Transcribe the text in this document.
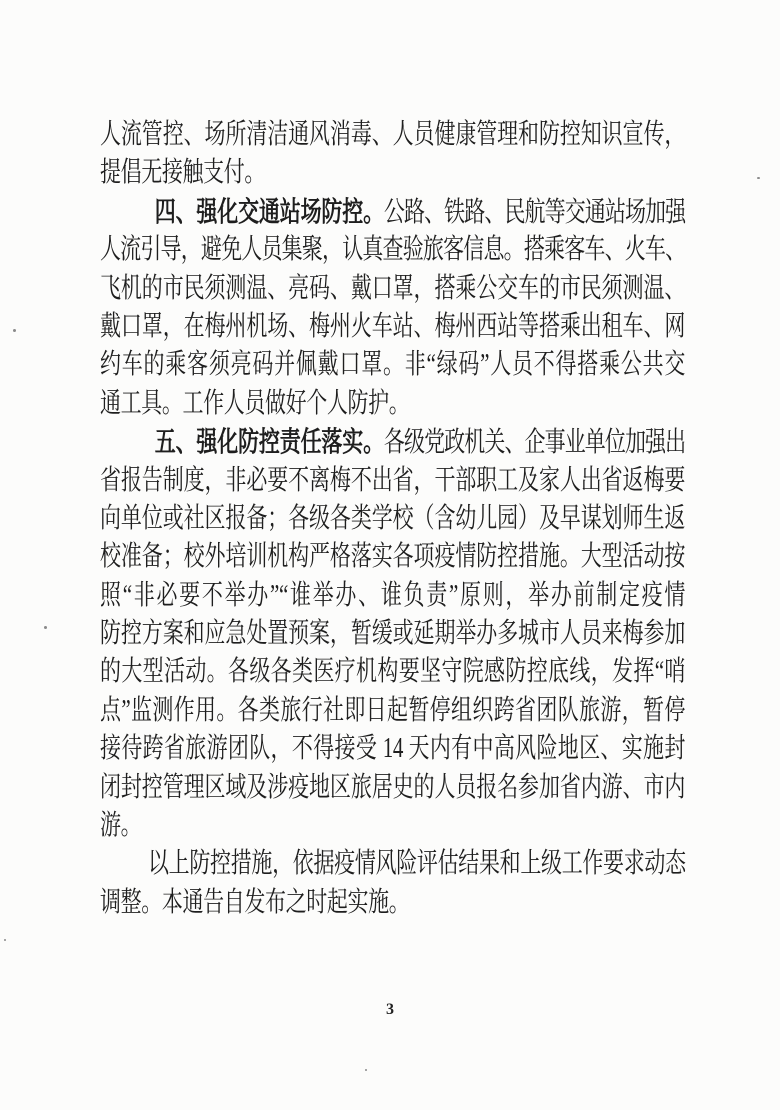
人流管控、场所清洁通风消毒、人员健康管理和防控知识宣传，
提倡无接触支付。
四、强化交通站场防控。公路、铁路、民航等交通站场加强
人流引导，避免人员集聚，认真查验旅客信息。搭乘客车、火车、
飞机的市民须测温、亮码、戴口罩，搭乘公交车的市民须测温、
戴口罩，在梅州机场、梅州火车站、梅州西站等搭乘出租车、网
约车的乘客须亮码并佩戴口罩。非“绿码”人员不得搭乘公共交
通工具。工作人员做好个人防护。
五、强化防控责任落实。各级党政机关、企事业单位加强出
省报告制度，非必要不离梅不出省，干部职工及家人出省返梅要
向单位或社区报备；各级各类学校（含幼儿园）及早谋划师生返
校准备；校外培训机构严格落实各项疫情防控措施。大型活动按
照“非必要不举办”“谁举办、谁负责”原则，举办前制定疫情
防控方案和应急处置预案，暂缓或延期举办多城市人员来梅参加
的大型活动。各级各类医疗机构要坚守院感防控底线，发挥“哨
点”监测作用。各类旅行社即日起暂停组织跨省团队旅游，暂停
接待跨省旅游团队，不得接受 14 天内有中高风险地区、实施封
闭封控管理区域及涉疫地区旅居史的人员报名参加省内游、市内
游。
以上防控措施，依据疫情风险评估结果和上级工作要求动态
调整。本通告自发布之时起实施。
3
